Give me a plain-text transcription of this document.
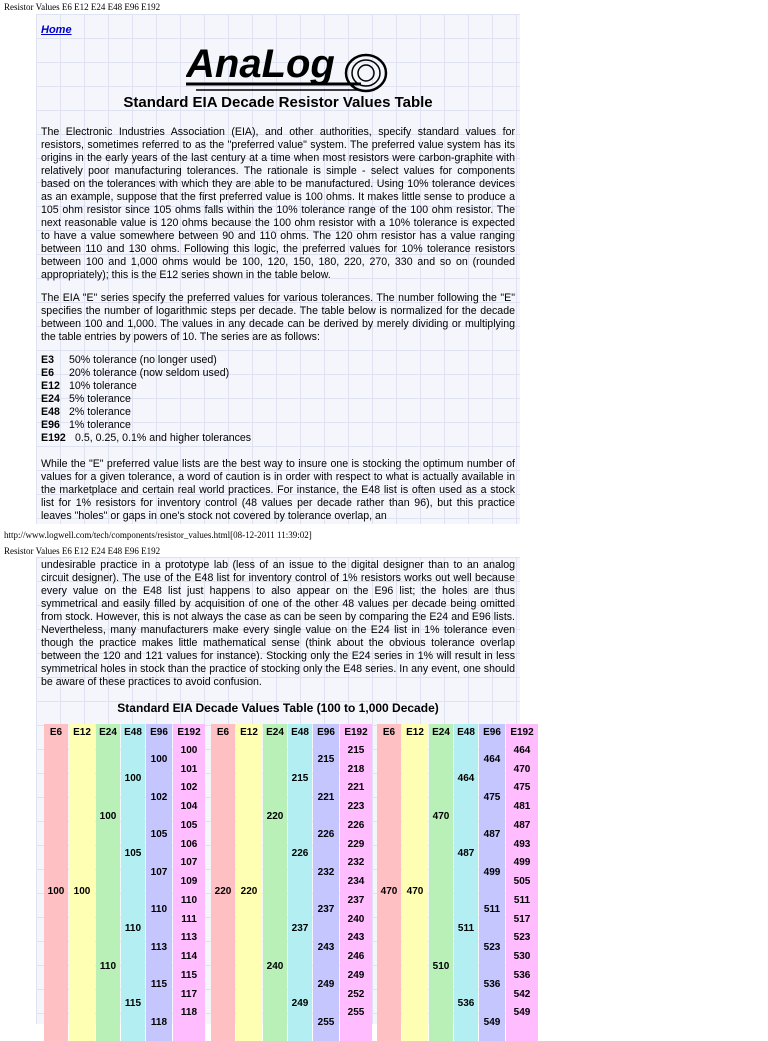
Resistor Values E6 E12 E24 E48 E96 E192
Home
AnaLog
Standard EIA Decade Resistor Values Table

The Electronic Industries Association (EIA), and other authorities, specify standard values for resistors, sometimes referred to as the "preferred value" system. The preferred value system has its origins in the early years of the last century at a time when most resistors were carbon-graphite with relatively poor manufacturing tolerances. The rationale is simple - select values for components based on the tolerances with which they are able to be manufactured. Using 10% tolerance devices as an example, suppose that the first preferred value is 100 ohms. It makes little sense to produce a 105 ohm resistor since 105 ohms falls within the 10% tolerance range of the 100 ohm resistor. The next reasonable value is 120 ohms because the 100 ohm resistor with a 10% tolerance is expected to have a value somewhere between 90 and 110 ohms. The 120 ohm resistor has a value ranging between 110 and 130 ohms. Following this logic, the preferred values for 10% tolerance resistors between 100 and 1,000 ohms would be 100, 120, 150, 180, 220, 270, 330 and so on (rounded appropriately); this is the E12 series shown in the table below.

The EIA "E" series specify the preferred values for various tolerances. The number following the "E" specifies the number of logarithmic steps per decade. The table below is normalized for the decade between 100 and 1,000. The values in any decade can be derived by merely dividing or multiplying the table entries by powers of 10. The series are as follows:

E3	50% tolerance (no longer used)
E6	20% tolerance (now seldom used)
E12 10% tolerance
E24 5% tolerance
E48 2% tolerance
E96 1% tolerance
E192 0.5, 0.25, 0.1% and higher tolerances

While the "E" preferred value lists are the best way to insure one is stocking the optimum number of values for a given tolerance, a word of caution is in order with respect to what is actually available in the marketplace and certain real world practices. For instance, the E48 list is often used as a stock list for 1% resistors for inventory control (48 values per decade rather than 96), but this practice leaves "holes" or gaps in one's stock not covered by tolerance overlap, an

http://www.logwell.com/tech/components/resistor_values.html[08-12-2011 11:39:02]
Resistor Values E6 E12 E24 E48 E96 E192

undesirable practice in a prototype lab (less of an issue to the digital designer than to an analog circuit designer). The use of the E48 list for inventory control of 1% resistors works out well because every value on the E48 list just happens to also appear on the E96 list; the holes are thus symmetrical and easily filled by acquisition of one of the other 48 values per decade being omitted from stock. However, this is not always the case as can be seen by comparing the E24 and E96 lists. Nevertheless, many manufacturers make every single value on the E24 list in 1% tolerance even though the practice makes little mathematical sense (think about the obvious tolerance overlap between the 120 and 121 values for instance). Stocking only the E24 series in 1% will result in less symmetrical holes in stock than the practice of stocking only the E48 series. In any event, one should be aware of these practices to avoid confusion.

Standard EIA Decade Values Table (100 to 1,000 Decade)
E6
100
E12
100
E24
100
110
E48
100
105
110
115
E96
100
102
105
107
110
113
115
118
E192
100
101
102
104
105
106
107
109
110
111
113
114
115
117
118
E6
220
E12
220
E24
220
240
E48
215
226
237
249
E96
215
221
226
232
237
243
249
255
E192
215
218
221
223
226
229
232
234
237
240
243
246
249
252
255
E6
470
E12
470
E24
470
510
E48
464
487
511
536
E96
464
475
487
499
511
523
536
549
E192
464
470
475
481
487
493
499
505
511
517
523
530
536
542
549
